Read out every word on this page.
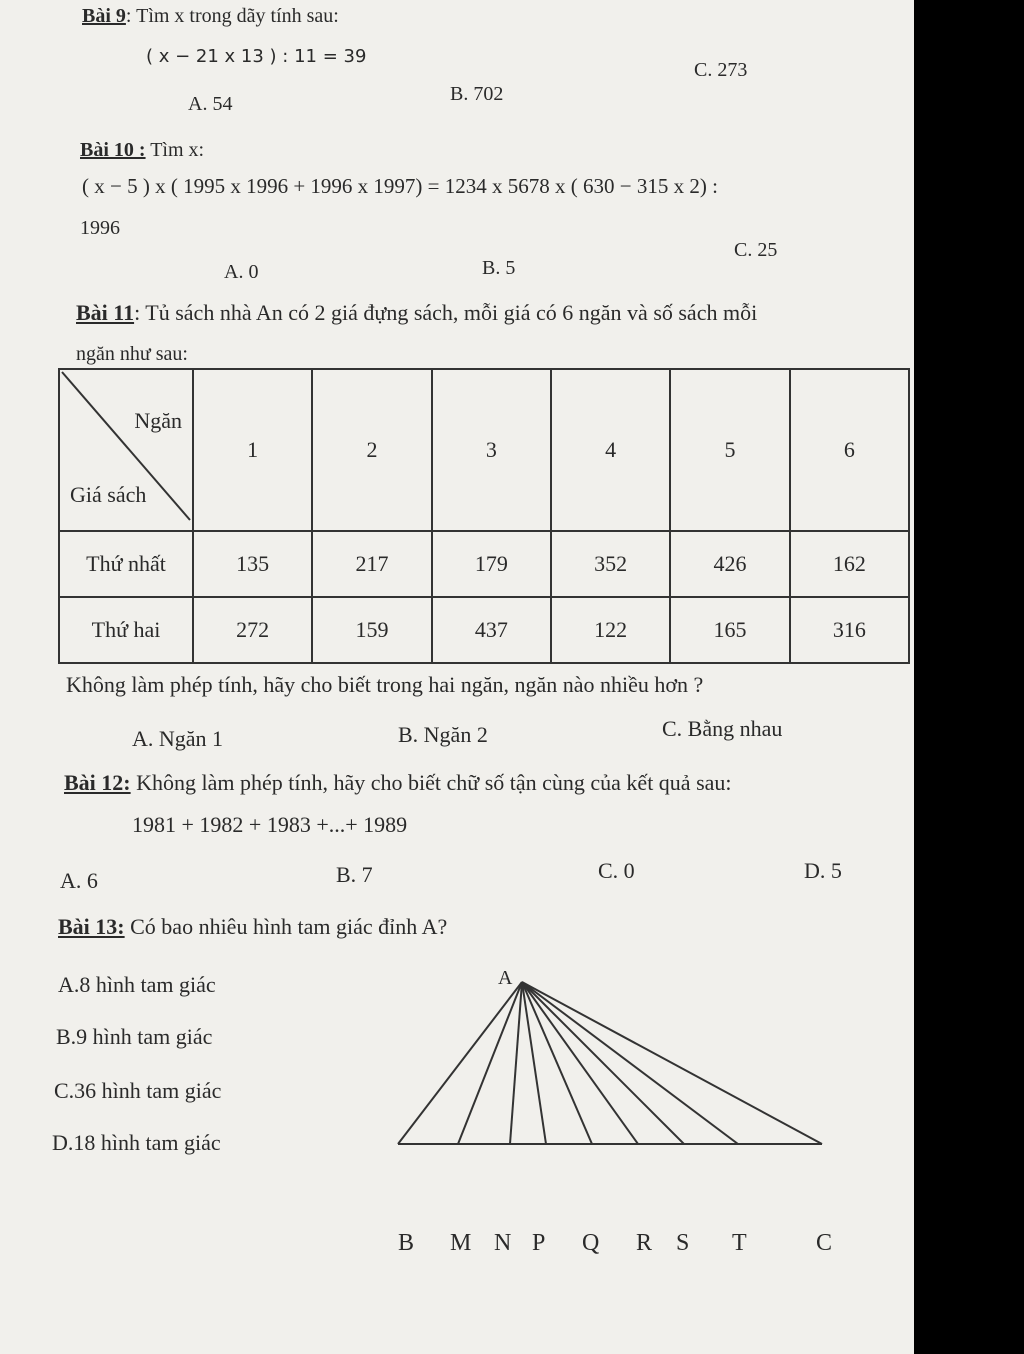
Bài 9: Tìm x trong dãy tính sau:
( x − 21 x 13 ) : 11 = 39
A. 54	B. 702
C. 273
Bài 10 : Tìm x:
( x − 5 ) x ( 1995 x 1996 + 1996 x 1997) = 1234 x 5678 x ( 630 − 315 x 2) :
1996
A. 0	B. 5
C. 25
Bài 11: Tủ sách nhà An có 2 giá đựng sách, mỗi giá có 6 ngăn và số sách mỗi
ngăn như sau:
Ngăn
Giá sách	1	2	3	4	5	6
Thứ nhất	135	217	179	352	426	162
Thứ hai	272	159	437	122	165	316
Không làm phép tính, hãy cho biết trong hai ngăn, ngăn nào nhiều hơn ?
A. Ngăn 1	B. Ngăn 2	C. Bằng nhau
Bài 12: Không làm phép tính, hãy cho biết chữ số tận cùng của kết quả sau:
1981 + 1982 + 1983 +...+ 1989
A. 6	B. 7	C. 0	D. 5
Bài 13: Có bao nhiêu hình tam giác đỉnh A?
A.8 hình tam giác
B.9 hình tam giác
C.36 hình tam giác
D.18 hình tam giác
B M N P Q R S T	C
A
